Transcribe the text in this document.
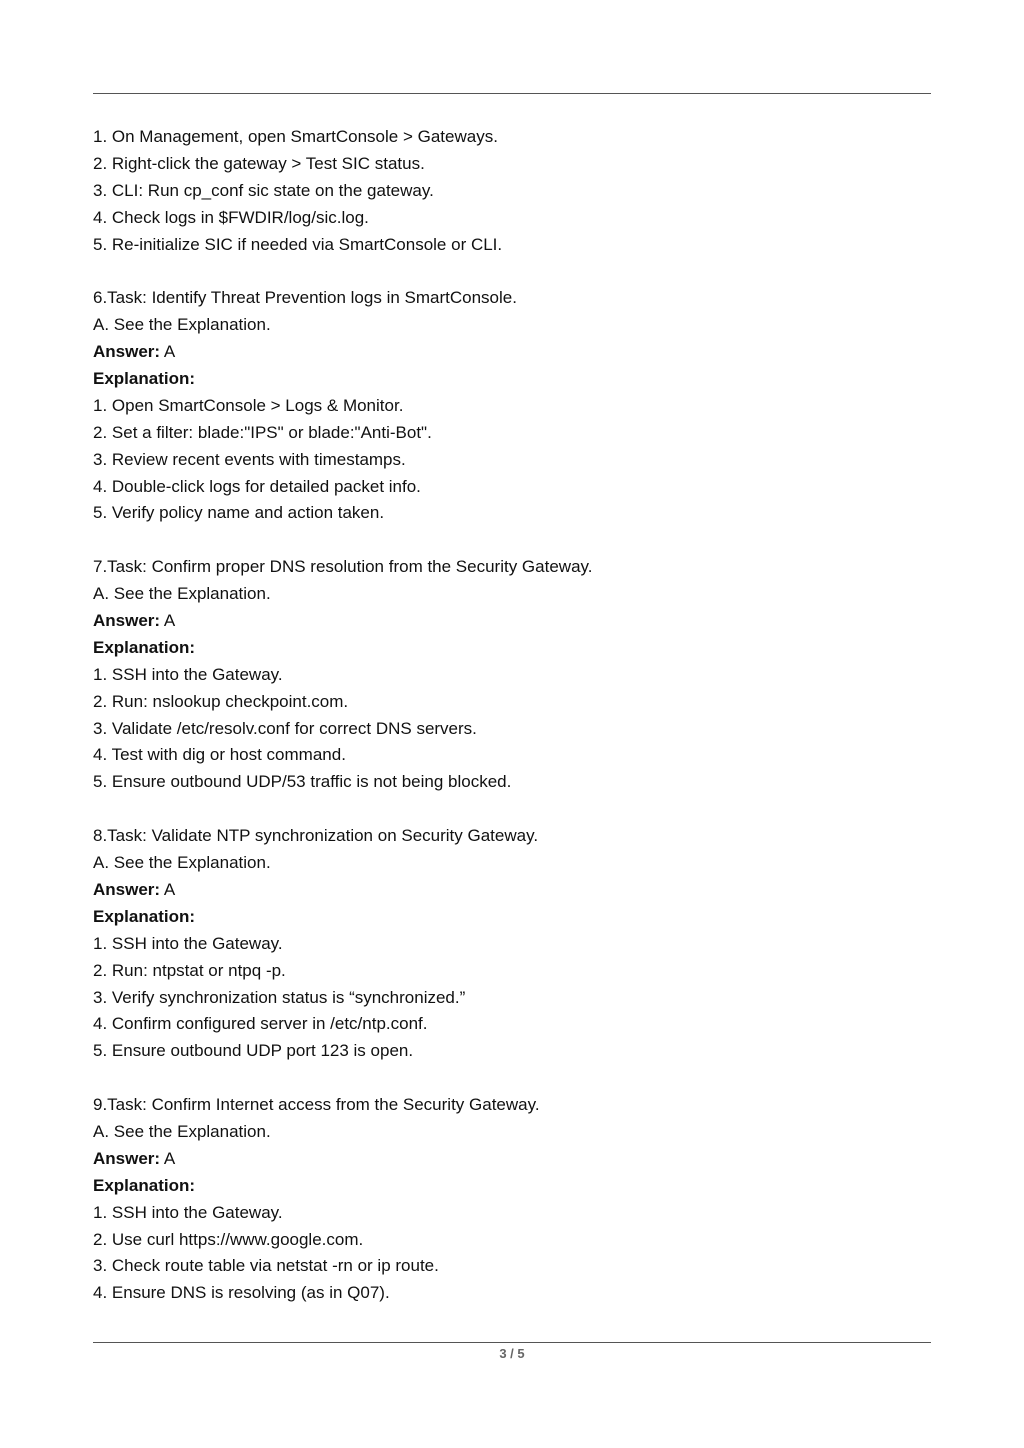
1. On Management, open SmartConsole > Gateways.
2. Right-click the gateway > Test SIC status.
3. CLI: Run cp_conf sic state on the gateway.
4. Check logs in $FWDIR/log/sic.log.
5. Re-initialize SIC if needed via SmartConsole or CLI.
6.Task: Identify Threat Prevention logs in SmartConsole.
A. See the Explanation.
Answer: A
Explanation:
1. Open SmartConsole > Logs & Monitor.
2. Set a filter: blade:"IPS" or blade:"Anti-Bot".
3. Review recent events with timestamps.
4. Double-click logs for detailed packet info.
5. Verify policy name and action taken.
7.Task: Confirm proper DNS resolution from the Security Gateway.
A. See the Explanation.
Answer: A
Explanation:
1. SSH into the Gateway.
2. Run: nslookup checkpoint.com.
3. Validate /etc/resolv.conf for correct DNS servers.
4. Test with dig or host command.
5. Ensure outbound UDP/53 traffic is not being blocked.
8.Task: Validate NTP synchronization on Security Gateway.
A. See the Explanation.
Answer: A
Explanation:
1. SSH into the Gateway.
2. Run: ntpstat or ntpq -p.
3. Verify synchronization status is “synchronized.”
4. Confirm configured server in /etc/ntp.conf.
5. Ensure outbound UDP port 123 is open.
9.Task: Confirm Internet access from the Security Gateway.
A. See the Explanation.
Answer: A
Explanation:
1. SSH into the Gateway.
2. Use curl https://www.google.com.
3. Check route table via netstat -rn or ip route.
4. Ensure DNS is resolving (as in Q07).
3 / 5
